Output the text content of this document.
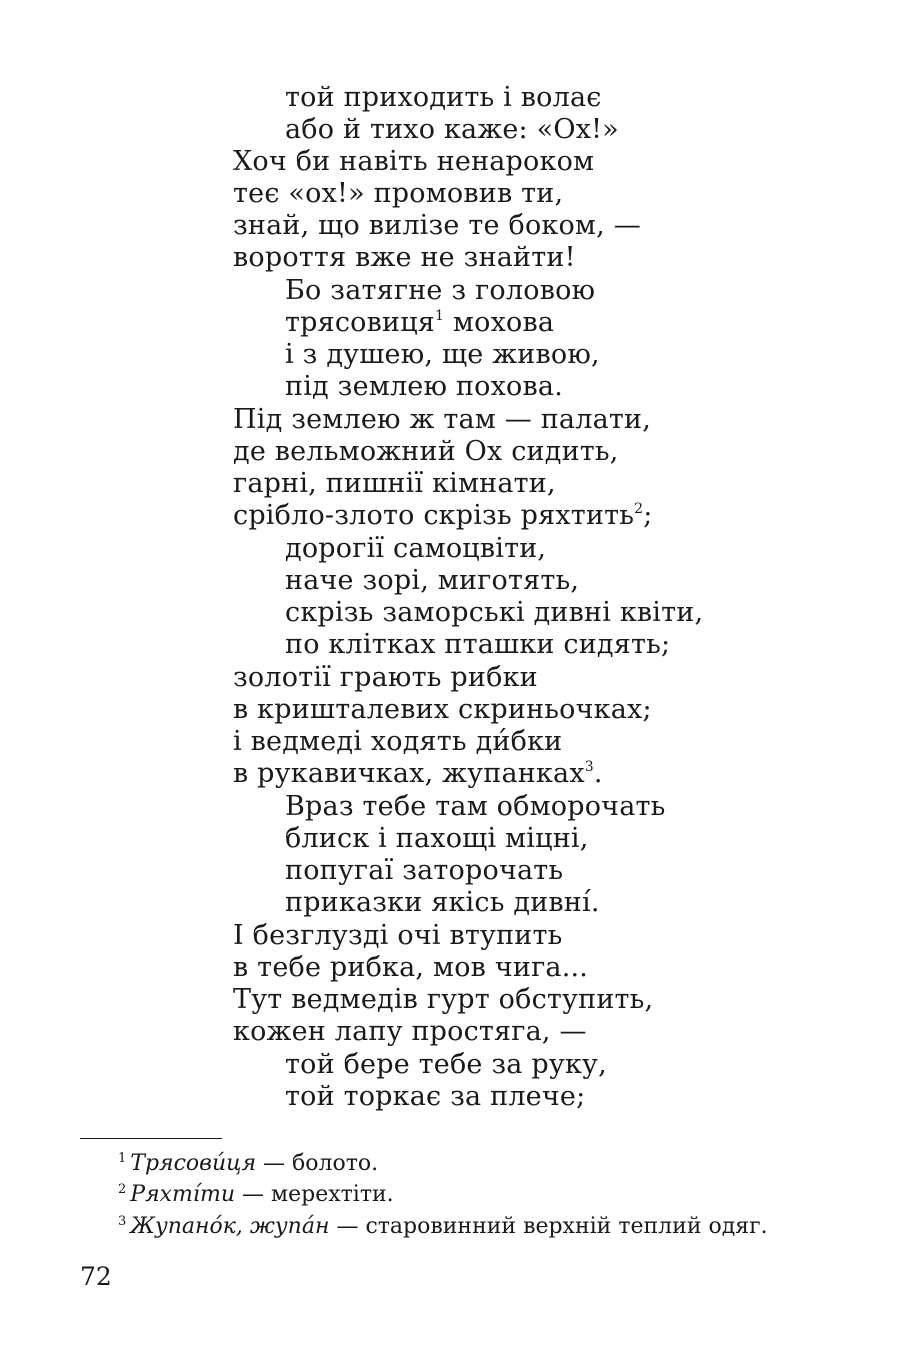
той приходить і волає
або й тихо каже: «Ох!»
Хоч би навіть ненароком
теє «ох!» промовив ти,
знай, що вилізе те боком, —
вороття вже не знайти!
Бо затягне з головою
трясовиця$^1$ мохова
і з душею, ще живою,
під землею похова.
Під землею ж там — палати,
де вельможний Ох сидить,
гарні, пишнії кімнати,
срібло-злото скрізь ряхтить$^2$;
дорогії самоцвіти,
наче зорі, миготять,
скрізь заморські дивні квіти,
по клітках пташки сидять;
золотії грають рибки
в кришталевих скриньочках;
і ведмеді ходять ди́бки
в рукавичках, жупанках$^3$.
Враз тебе там обморочать
блиск і пахощі міцні,
попугаї заторочать
приказки якісь дивні́.
І безглузді очі втупить
в тебе рибка, мов чига...
Тут ведмедів гурт обступить,
кожен лапу простяга, —
той бере тебе за руку,
той торкає за плече;
$^1$ Трясови́ця — болото.
$^2$ Ряхті́ти — мерехтіти.
$^3$ Жупано́к, жупа́н — старовинний верхній теплий одяг.
72
